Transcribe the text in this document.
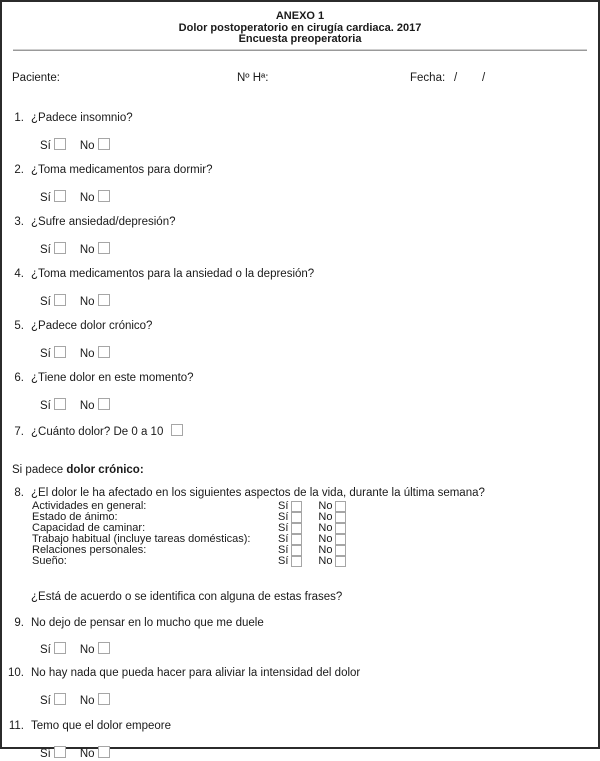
ANEXO 1
Dolor postoperatorio en cirugía cardiaca. 2017
Encuesta preoperatoria
Paciente:	Nº Hª:	Fecha: / /
1. ¿Padece insomnio?
Sí	No
2. ¿Toma medicamentos para dormir?
Sí	No
3. ¿Sufre ansiedad/depresión?
Sí	No
4. ¿Toma medicamentos para la ansiedad o la depresión?
Sí	No
5. ¿Padece dolor crónico?
Sí	No
6. ¿Tiene dolor en este momento?
Sí	No
7. ¿Cuánto dolor? De 0 a 10
Si padece dolor crónico:
8. ¿El dolor le ha afectado en los siguientes aspectos de la vida, durante la última semana?
Actividades en general:	Sí	No
Estado de ánimo:	Sí	No
Capacidad de caminar:	Sí	No
Trabajo habitual (incluye tareas domésticas):	Sí	No
Relaciones personales:	Sí	No
Sueño:	Sí	No
¿Está de acuerdo o se identifica con alguna de estas frases?
9. No dejo de pensar en lo mucho que me duele
Sí	No
10. No hay nada que pueda hacer para aliviar la intensidad del dolor
Sí	No
11. Temo que el dolor empeore
Sí	No
